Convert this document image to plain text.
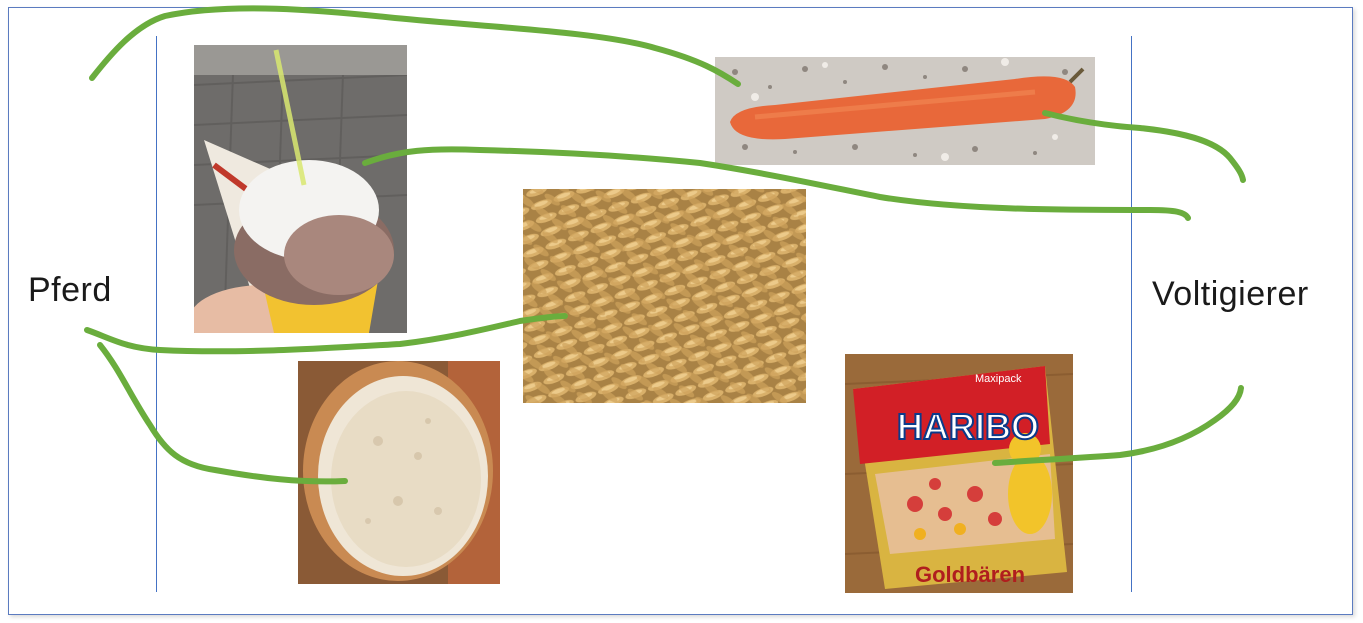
Pferd	Voltigierer
HARIBO
Maxipack
Goldbären
